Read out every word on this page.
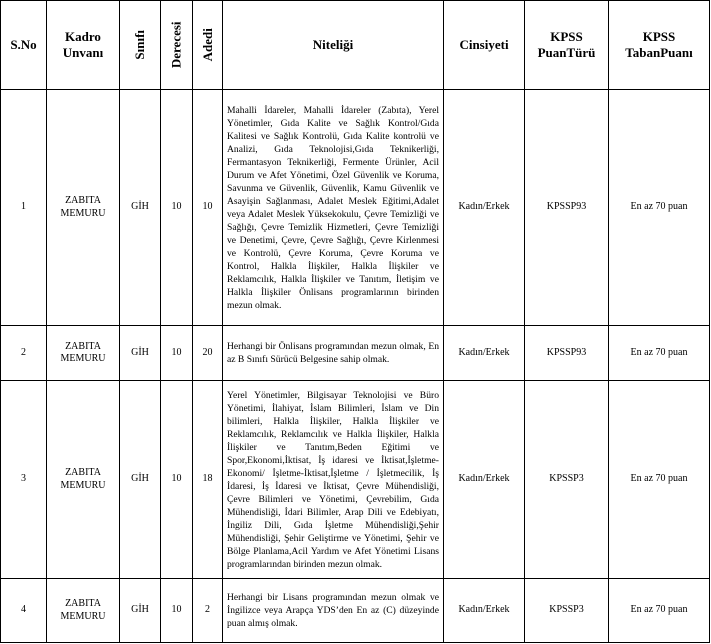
S.No	Kadro Unvanı	Sınıfı	Derecesi	Adedi	Niteliği	Cinsiyeti	KPSS PuanTürü	KPSS TabanPuanı
1	ZABITA MEMURU	GİH	10	10	Mahalli İdareler, Mahalli İdareler (Zabıta), Yerel Yönetimler, Gıda Kalite ve Sağlık Kontrol/Gıda Kalitesi ve Sağlık Kontrolü, Gıda Kalite kontrolü ve Analizi, Gıda Teknolojisi,Gıda Teknikerliği, Fermantasyon Teknikerliği, Fermente Ürünler, Acil Durum ve Afet Yönetimi, Özel Güvenlik ve Koruma, Savunma ve Güvenlik, Güvenlik, Kamu Güvenlik ve Asayişin Sağlanması, Adalet Meslek Eğitimi,Adalet veya Adalet Meslek Yüksekokulu, Çevre Temizliği ve Sağlığı, Çevre Temizlik Hizmetleri, Çevre Temizliği ve Denetimi, Çevre, Çevre Sağlığı, Çevre Kirlenmesi ve Kontrolü, Çevre Koruma, Çevre Koruma ve Kontrol, Halkla İlişkiler, Halkla İlişkiler ve Reklamcılık, Halkla İlişkiler ve Tanıtım, İletişim ve Halkla İlişkiler Önlisans programlarının birinden mezun olmak.	Kadın/Erkek	KPSSP93	En az 70 puan
2	ZABITA MEMURU	GİH	10	20	Herhangi bir Önlisans programından mezun olmak, En az B Sınıfı Sürücü Belgesine sahip olmak.	Kadın/Erkek	KPSSP93	En az 70 puan
3	ZABITA MEMURU	GİH	10	18	Yerel Yönetimler, Bilgisayar Teknolojisi ve Büro Yönetimi, İlahiyat, İslam Bilimleri, İslam ve Din bilimleri, Halkla İlişkiler, Halkla İlişkiler ve Reklamcılık, Reklamcılık ve Halkla İlişkiler, Halkla İlişkiler ve Tanıtım,Beden Eğitimi ve Spor,Ekonomi,İktisat, İş idaresi ve İktisat,İşletme-Ekonomi/ İşletme-İktisat,İşletme / İşletmecilik, İş İdaresi, İş İdaresi ve İktisat, Çevre Mühendisliği, Çevre Bilimleri ve Yönetimi, Çevrebilim, Gıda Mühendisliği, İdari Bilimler, Arap Dili ve Edebiyatı, İngiliz Dili, Gıda İşletme Mühendisliği,Şehir Mühendisliği, Şehir Geliştirme ve Yönetimi, Şehir ve Bölge Planlama,Acil Yardım ve Afet Yönetimi Lisans programlarından birinden mezun olmak.	Kadın/Erkek	KPSSP3	En az 70 puan
4	ZABITA MEMURU	GİH	10	2	Herhangi bir Lisans programından mezun olmak ve İngilizce veya Arapça YDS’den En az (C) düzeyinde puan almış olmak.	Kadın/Erkek	KPSSP3	En az 70 puan
